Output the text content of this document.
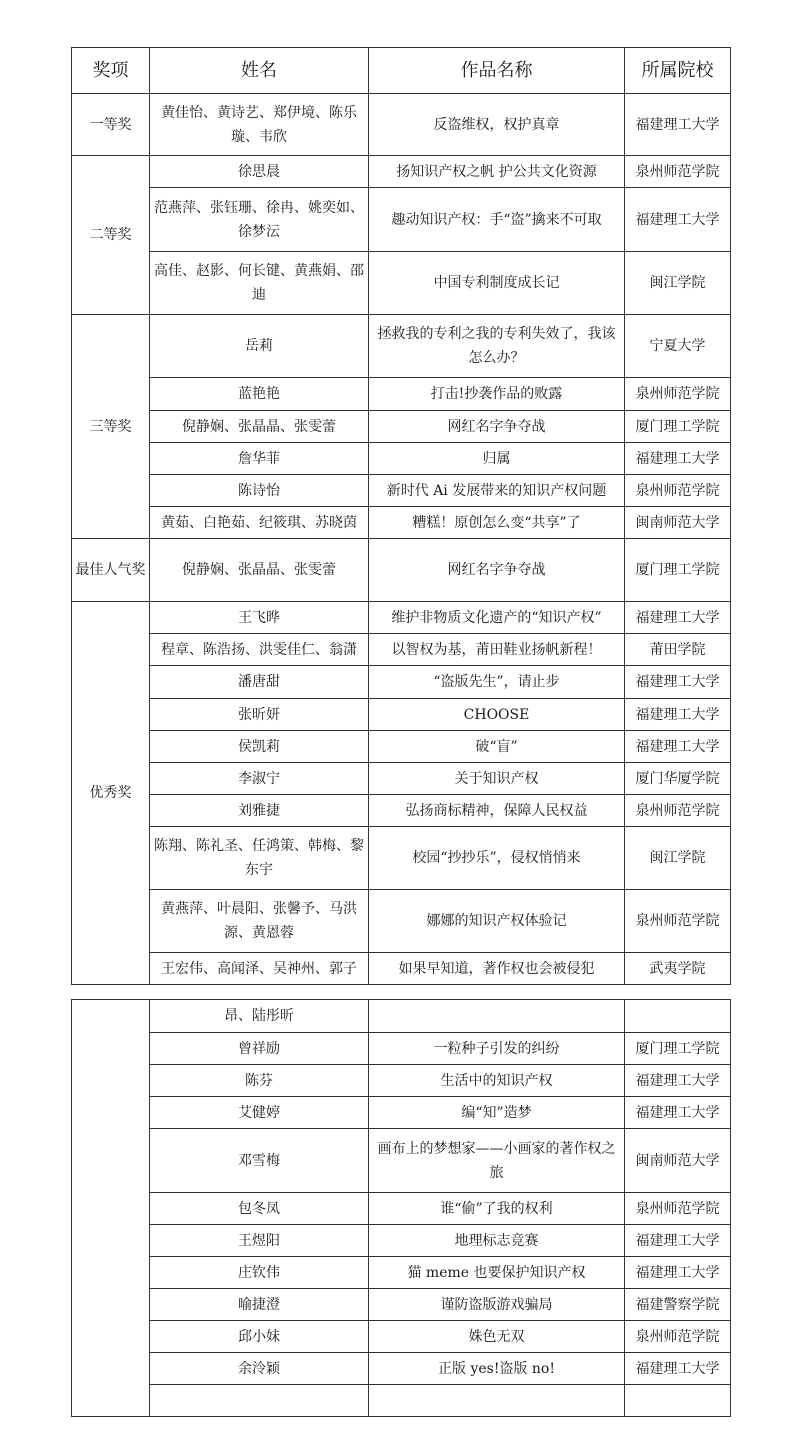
奖项	姓名	作品名称	所属院校
一等奖	黄佳怡、黄诗艺、郑伊境、陈乐璇、韦欣	反盗维权，权护真章	福建理工大学
二等奖	徐思晨	扬知识产权之帆 护公共文化资源	泉州师范学院
	范燕萍、张钰珊、徐冉、姚奕如、徐梦沄	趣动知识产权：手“盗”擒来不可取	福建理工大学
	高佳、赵影、何长键、黄燕娟、邵迪	中国专利制度成长记	闽江学院
三等奖	岳莉	拯救我的专利之我的专利失效了，我该怎么办？	宁夏大学
	蓝艳艳	打击!抄袭作品的败露	泉州师范学院
	倪静娴、张晶晶、张雯蕾	网红名字争夺战	厦门理工学院
	詹华菲	归属	福建理工大学
	陈诗怡	新时代 Ai 发展带来的知识产权问题	泉州师范学院
	黄茹、白艳茹、纪筱琪、苏晓茵	糟糕！原创怎么变“共享”了	闽南师范大学
最佳人气奖	倪静娴、张晶晶、张雯蕾	网红名字争夺战	厦门理工学院
优秀奖	王飞晔	维护非物质文化遗产的“知识产权”	福建理工大学
	程章、陈浩扬、洪雯佳仁、翁潇	以智权为基，莆田鞋业扬帆新程！	莆田学院
	潘唐甜	“盗版先生”，请止步	福建理工大学
	张昕妍	CHOOSE	福建理工大学
	侯凯莉	破“盲”	福建理工大学
	李淑宁	关于知识产权	厦门华厦学院
	刘雅捷	弘扬商标精神，保障人民权益	泉州师范学院
	陈翔、陈礼圣、任鸿策、韩梅、黎东宇	校园“抄抄乐”，侵权悄悄来	闽江学院
	黄燕萍、叶晨阳、张馨予、马洪源、黄恩蓉	娜娜的知识产权体验记	泉州师范学院
	王宏伟、高闻泽、吴神州、郭子	如果早知道，著作权也会被侵犯	武夷学院
	昂、陆彤昕		
	曾祥励	一粒种子引发的纠纷	厦门理工学院
	陈芬	生活中的知识产权	福建理工大学
	艾健婷	编“知”造梦	福建理工大学
	邓雪梅	画布上的梦想家——小画家的著作权之旅	闽南师范大学
	包冬凤	谁“偷”了我的权利	泉州师范学院
	王煜阳	地理标志竞赛	福建理工大学
	庄钦伟	猫 meme 也要保护知识产权	福建理工大学
	喻捷澄	谨防盗版游戏骗局	福建警察学院
	邱小妹	姝色无双	泉州师范学院
	余泠颖	正版 yes!盗版 no!	福建理工大学
